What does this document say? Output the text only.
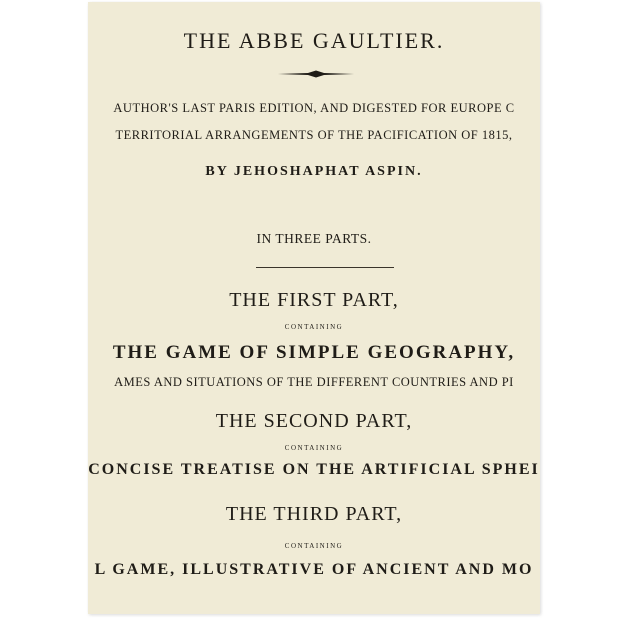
THE ABBE GAULTIER.
AUTHOR'S LAST PARIS EDITION, AND DIGESTED FOR EUROPE C
TERRITORIAL ARRANGEMENTS OF THE PACIFICATION OF 1815,
BY JEHOSHAPHAT ASPIN.
IN THREE PARTS.
THE FIRST PART,
CONTAINING
THE GAME OF SIMPLE GEOGRAPHY,
AMES AND SITUATIONS OF THE DIFFERENT COUNTRIES AND PI
THE SECOND PART,
CONTAINING
CONCISE TREATISE ON THE ARTIFICIAL SPHEI
THE THIRD PART,
CONTAINING
L GAME, ILLUSTRATIVE OF ANCIENT AND MO
